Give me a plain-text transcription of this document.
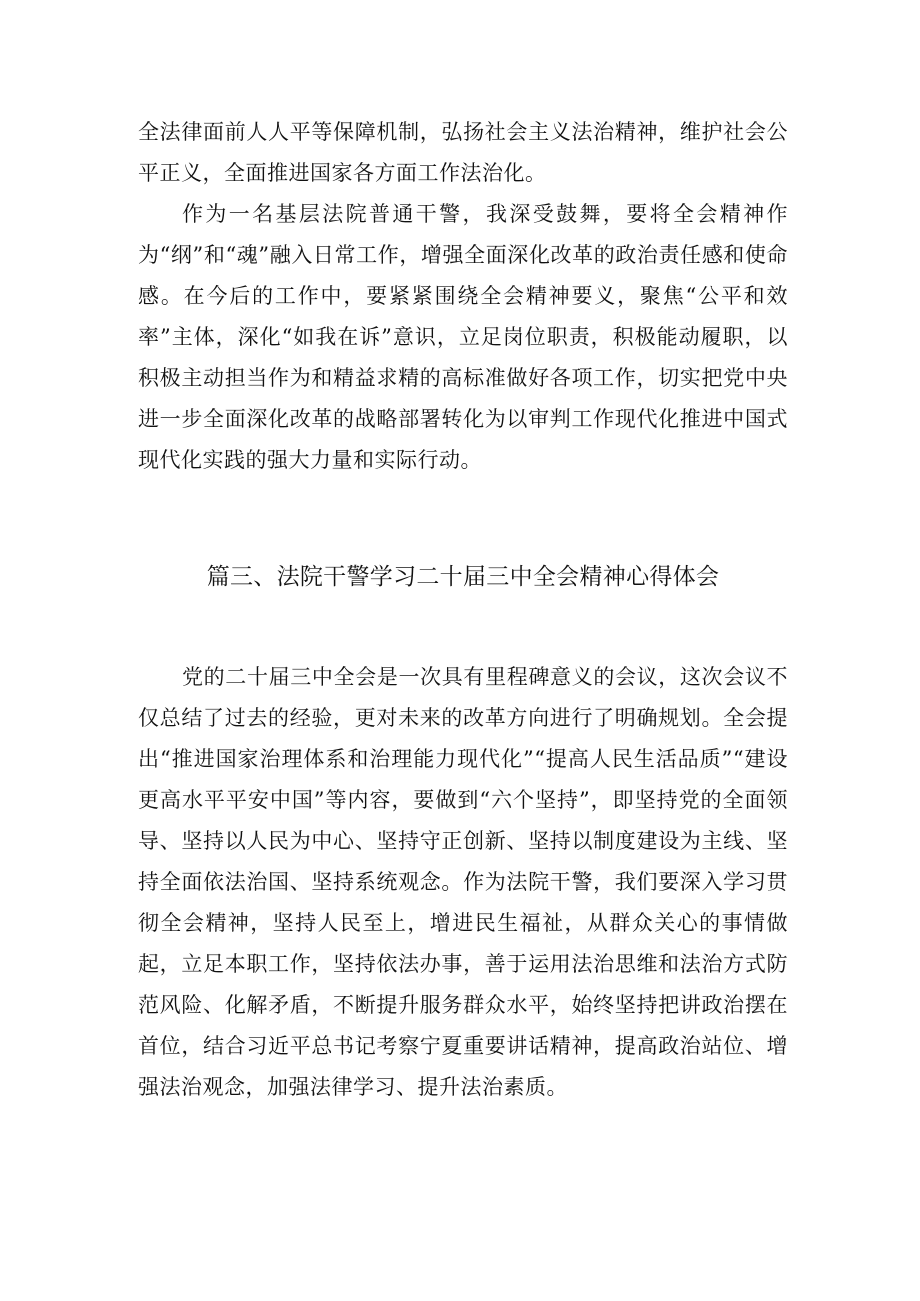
全法律面前人人平等保障机制，弘扬社会主义法治精神，维护社会公平正义，全面推进国家各方面工作法治化。

作为一名基层法院普通干警，我深受鼓舞，要将全会精神作为“纲”和“魂”融入日常工作，增强全面深化改革的政治责任感和使命感。在今后的工作中，要紧紧围绕全会精神要义，聚焦“公平和效率”主体，深化“如我在诉”意识，立足岗位职责，积极能动履职，以积极主动担当作为和精益求精的高标准做好各项工作，切实把党中央进一步全面深化改革的战略部署转化为以审判工作现代化推进中国式现代化实践的强大力量和实际行动。

篇三、法院干警学习二十届三中全会精神心得体会

党的二十届三中全会是一次具有里程碑意义的会议，这次会议不仅总结了过去的经验，更对未来的改革方向进行了明确规划。全会提出“推进国家治理体系和治理能力现代化”“提高人民生活品质”“建设更高水平平安中国”等内容，要做到“六个坚持”，即坚持党的全面领导、坚持以人民为中心、坚持守正创新、坚持以制度建设为主线、坚持全面依法治国、坚持系统观念。作为法院干警，我们要深入学习贯彻全会精神，坚持人民至上，增进民生福祉，从群众关心的事情做起，立足本职工作，坚持依法办事，善于运用法治思维和法治方式防范风险、化解矛盾，不断提升服务群众水平，始终坚持把讲政治摆在首位，结合习近平总书记考察宁夏重要讲话精神，提高政治站位、增强法治观念，加强法律学习、提升法治素质。
